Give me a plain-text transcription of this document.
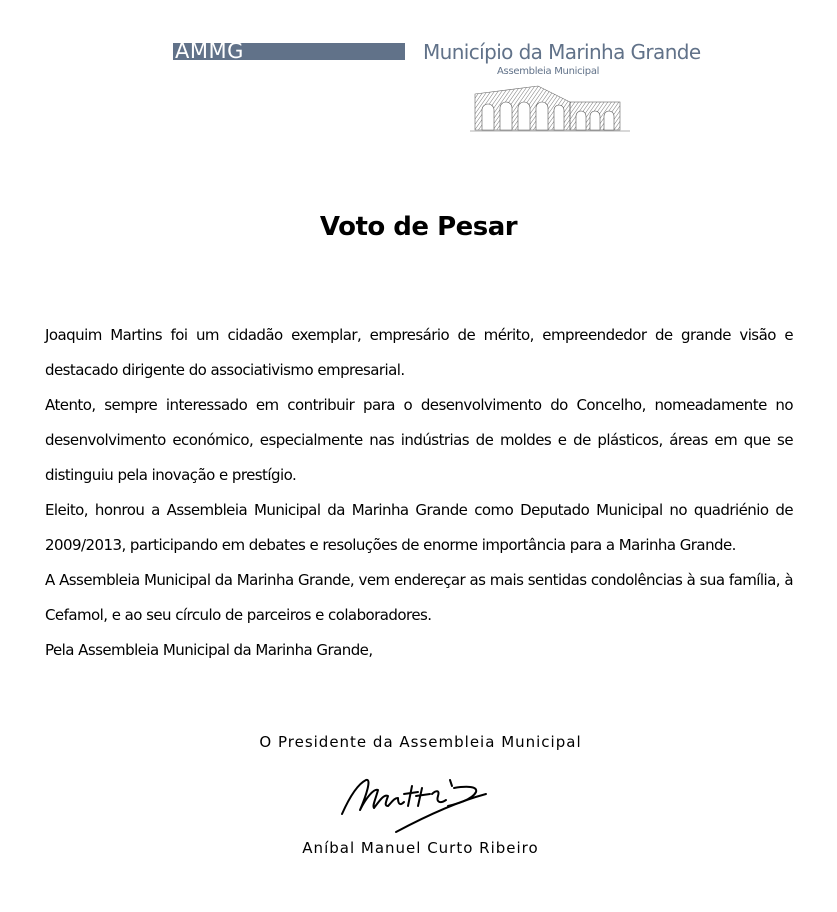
AMMG	Município da Marinha Grande
Assembleia Municipal
Voto de Pesar

Joaquim Martins foi um cidadão exemplar, empresário de mérito, empreendedor de grande visão e destacado dirigente do associativismo empresarial.

Atento, sempre interessado em contribuir para o desenvolvimento do Concelho, nomeadamente no desenvolvimento económico, especialmente nas indústrias de moldes e de plásticos, áreas em que se distinguiu pela inovação e prestígio.

Eleito, honrou a Assembleia Municipal da Marinha Grande como Deputado Municipal no quadriénio de 2009/2013, participando em debates e resoluções de enorme importância para a Marinha Grande.

A Assembleia Municipal da Marinha Grande, vem endereçar as mais sentidas condolências à sua família, à Cefamol, e ao seu círculo de parceiros e colaboradores.

Pela Assembleia Municipal da Marinha Grande,

O Presidente da Assembleia Municipal
Aníbal Manuel Curto Ribeiro
